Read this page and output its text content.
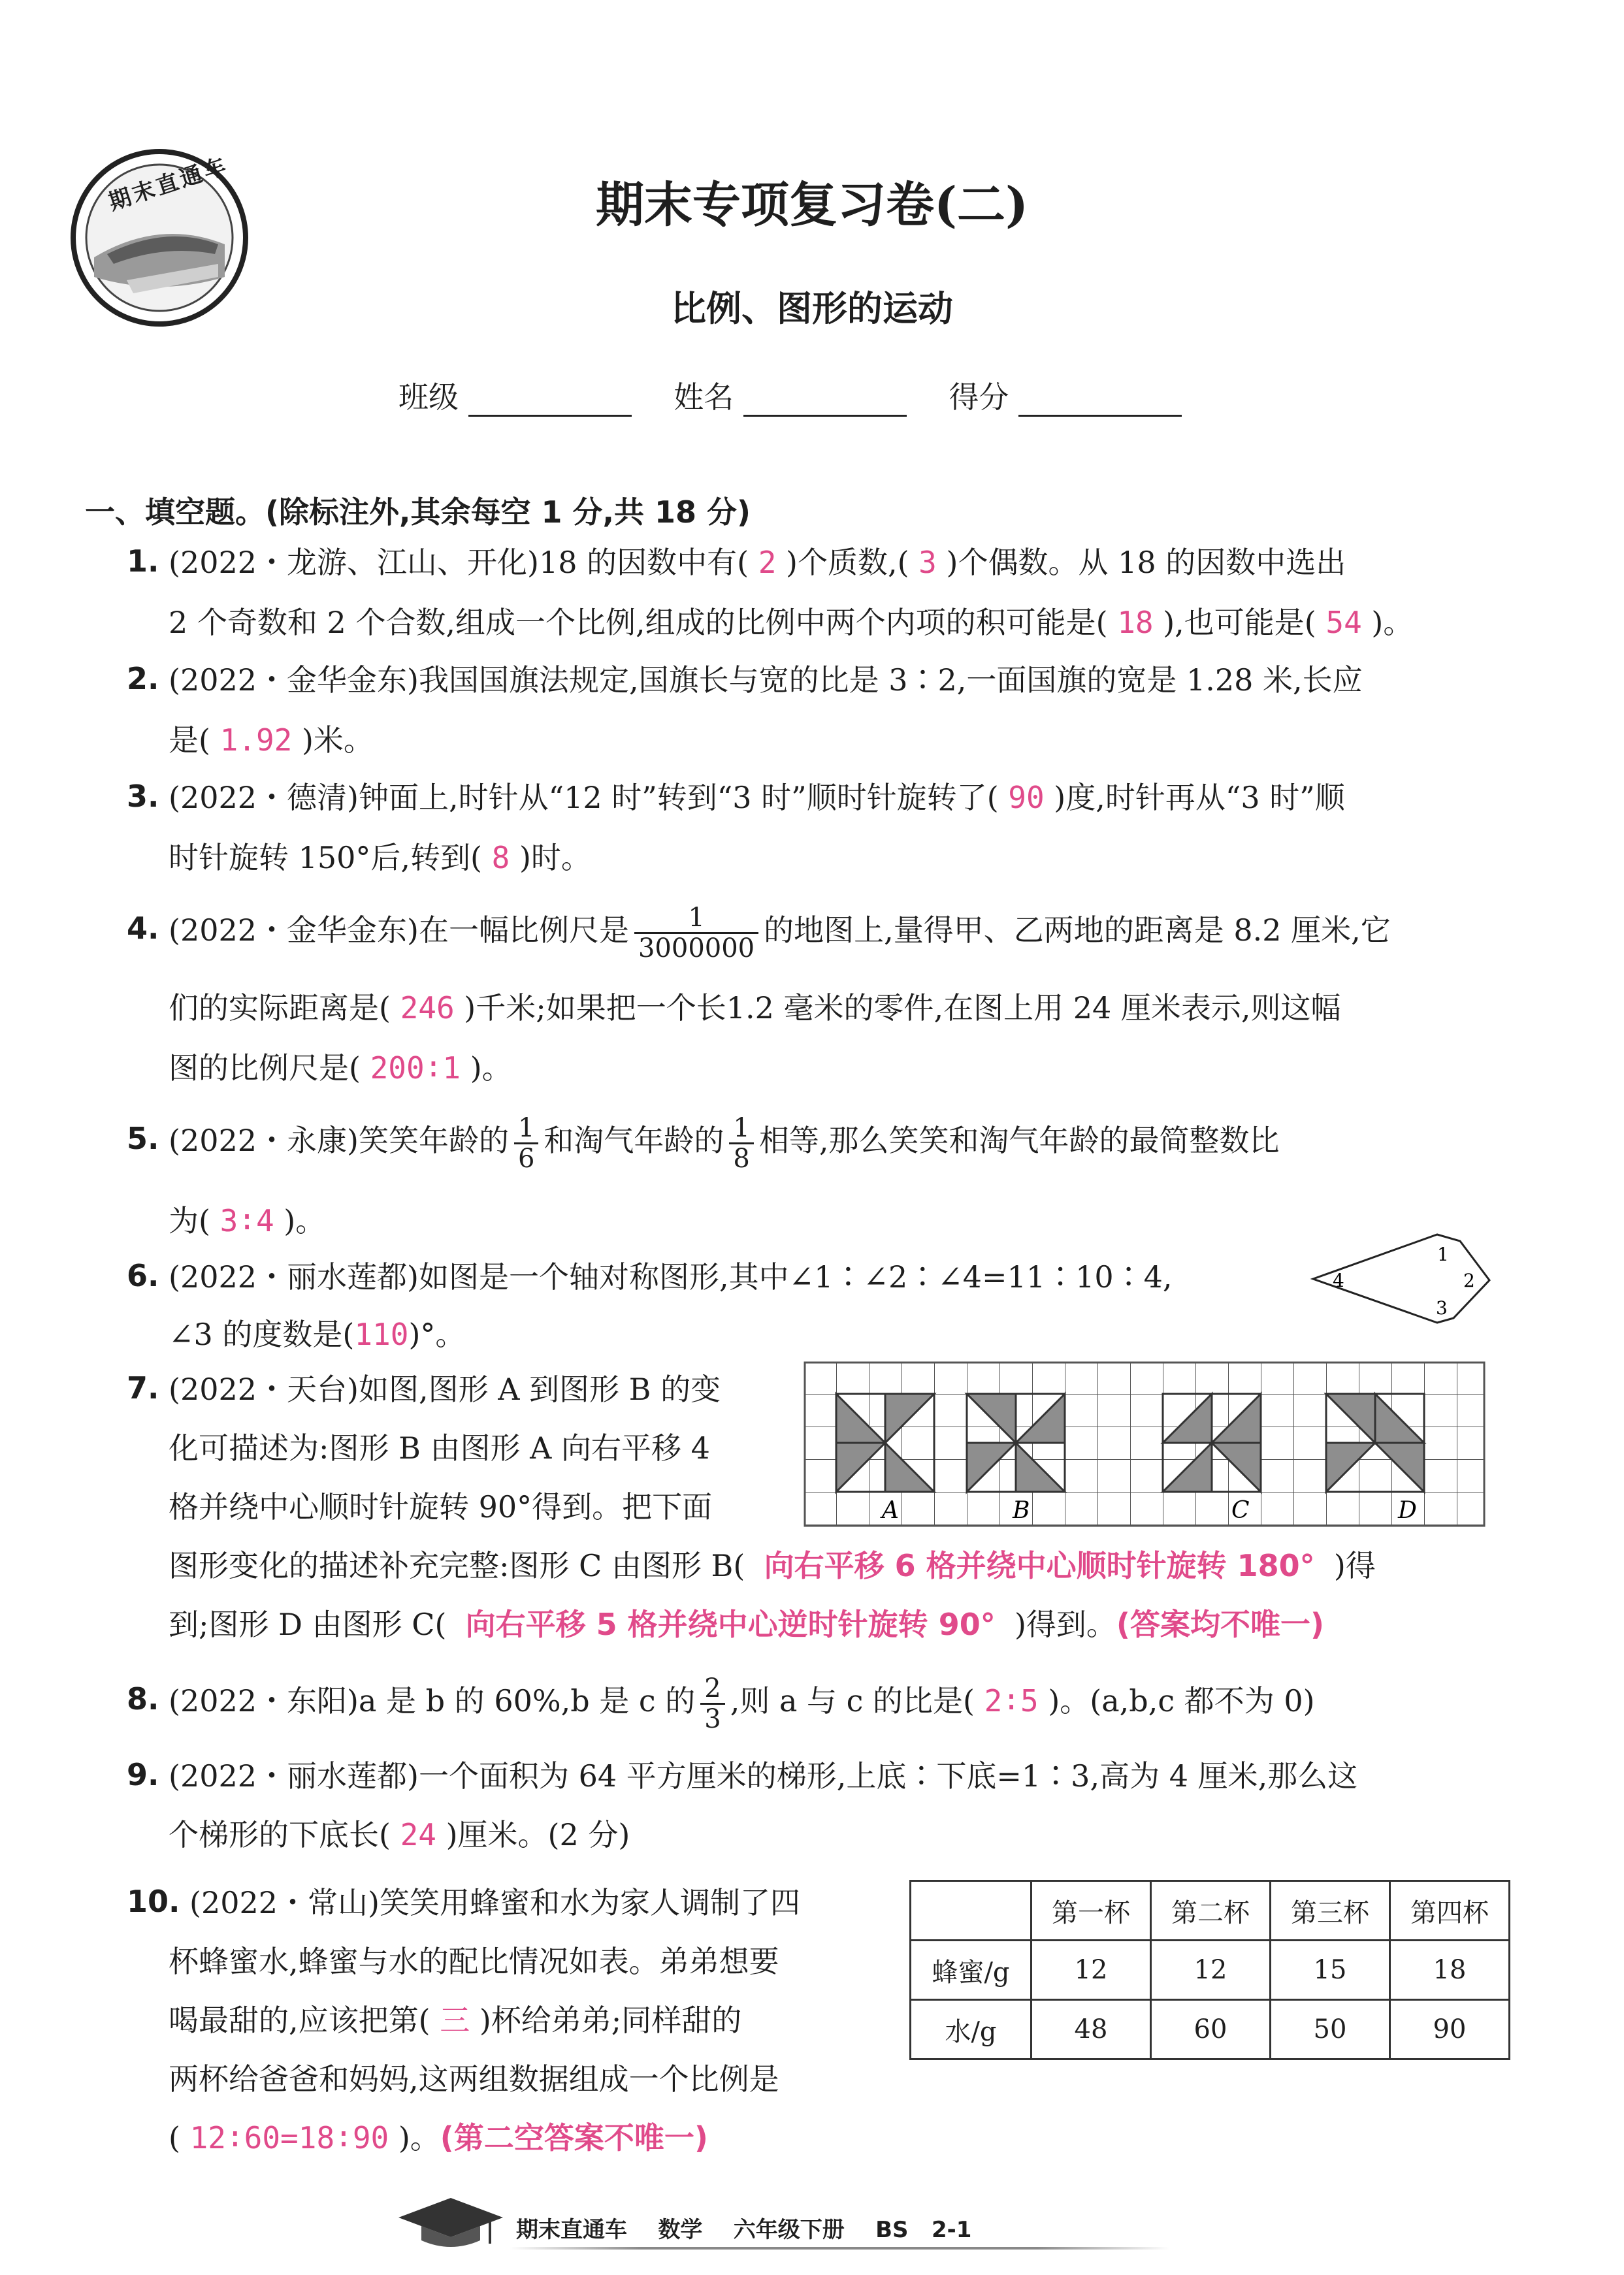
期末直通车	期末专项复习卷(二)
比例、图形的运动
班级	姓名	得分
一、填空题。(除标注外,其余每空 1 分,共 18 分)
1. (2022・龙游、江山、开化)18 的因数中有( 2 )个质数,( 3 )个偶数。从 18 的因数中选出
2 个奇数和 2 个合数,组成一个比例,组成的比例中两个内项的积可能是( 18 ),也可能是( 54 )。
2. (2022・金华金东)我国国旗法规定,国旗长与宽的比是 3∶2,一面国旗的宽是 1.28 米,长应
是( 1.92 )米。
3. (2022・德清)钟面上,时针从“12 时”转到“3 时”顺时针旋转了( 90 )度,时针再从“3 时”顺
时针旋转 150°后,转到( 8 )时。
4. (2022・金华金东)在一幅比例尺是 $\frac{1}{3000000}$ 的地图上,量得甲、乙两地的距离是 8.2 厘米,它
们的实际距离是( 246 )千米;如果把一个长1.2 毫米的零件,在图上用 24 厘米表示,则这幅
图的比例尺是( 200∶1 )。
5. (2022・永康)笑笑年龄的 $\frac{1}{6}$ 和淘气年龄的 $\frac{1}{8}$ 相等,那么笑笑和淘气年龄的最简整数比
为( 3∶4 )。
6. (2022・丽水莲都)如图是一个轴对称图形,其中∠1∶∠2∶∠4=11∶10∶4,
∠3 的度数是(110)°。
4
1
2
3
7. (2022・天台)如图,图形 A 到图形 B 的变
化可描述为:图形 B 由图形 A 向右平移 4
格并绕中心顺时针旋转 90°得到。把下面
图形变化的描述补充完整:图形 C 由图形 B( 向右平移 6 格并绕中心顺时针旋转 180° )得
到;图形 D 由图形 C( 向右平移 5 格并绕中心逆时针旋转 90° )得到。(答案均不唯一)
A	B	C	D
8. (2022・东阳)a 是 b 的 60%,b 是 c 的 $\frac{2}{3}$ ,则 a 与 c 的比是( 2∶5 )。(a,b,c 都不为 0)
9. (2022・丽水莲都)一个面积为 64 平方厘米的梯形,上底∶下底=1∶3,高为 4 厘米,那么这
个梯形的下底长( 24 )厘米。(2 分)
10. (2022・常山)笑笑用蜂蜜和水为家人调制了四
杯蜂蜜水,蜂蜜与水的配比情况如表。弟弟想要
喝最甜的,应该把第( 三 )杯给弟弟;同样甜的
两杯给爸爸和妈妈,这两组数据组成一个比例是
( 12∶60=18∶90 )。(第二空答案不唯一)
	第一杯	第二杯	第三杯	第四杯
蜂蜜/g	12	12	15	18
水/g	48	60	50	90
期末直通车 数学 六年级下册 BS 2-1
